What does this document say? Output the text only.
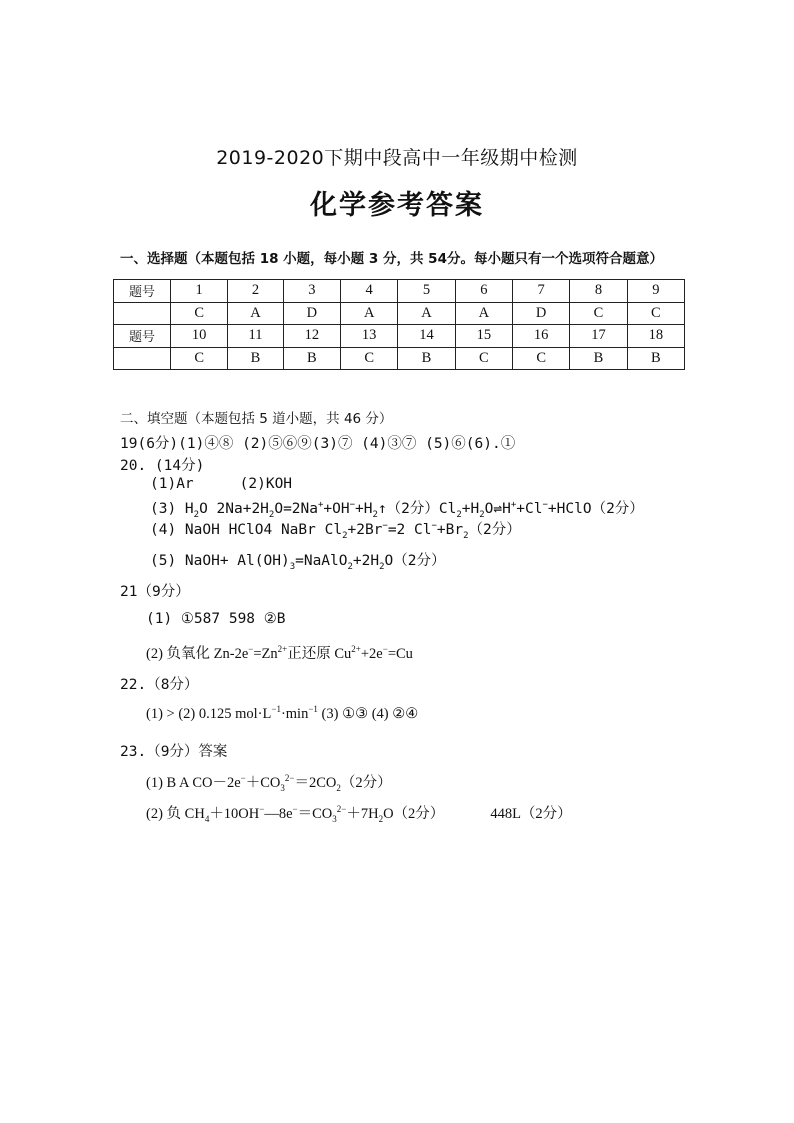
2019-2020下期中段高中一年级期中检测
化学参考答案
一、选择题（本题包括 18 小题，每小题 3 分，共 54分。每小题只有一个选项符合题意）
题号	1	2	3	4	5	6	7	8	9
	C	A	D	A	A	A	D	C	C
题号	10	11	12	13	14	15	16	17	18
	C	B	B	C	B	C	C	B	B
二、填空题（本题包括 5 道小题，共 46 分）
19(6分)(1)④⑧ (2)⑤⑥⑨(3)⑦ (4)③⑦ (5)⑥(6).①
20. (14分)
(1)Ar	(2)KOH
(3) $H_2O$ $2Na+2H_2O=2Na^++OH^-+H_2↑(2$分）$Cl_2+H_2O\rightleftharpoons H^++Cl^-+HClO(2$分）
(4) NaOH HClO4 NaBr $Cl_2+2Br^-=2$ $Cl^-+Br_2(2$分）
(5) NaOH+ $Al(OH)_3=NaAlO_2+2H_2O(2$分）
21（9分）
(1) ①587 598 ②B
(2) 负氧化 $Zn-2e^-=Zn^{2+}$正还原 $Cu^{2+}+2e^-=Cu$
22.（8分）
(1) > (2) 0.125 $mol\cdot L^{-1}\cdot\min^{-1}$ (3) ①③ (4) ②④
23.（9分）答案
(1) B A $CO-2e^-+CO_3^{2-}=2CO_2(2$分）
(2) 负 $CH_4+10OH^-—8e^-=CO_3^{2-}+7H_2O(2$分）	448L（2分）
